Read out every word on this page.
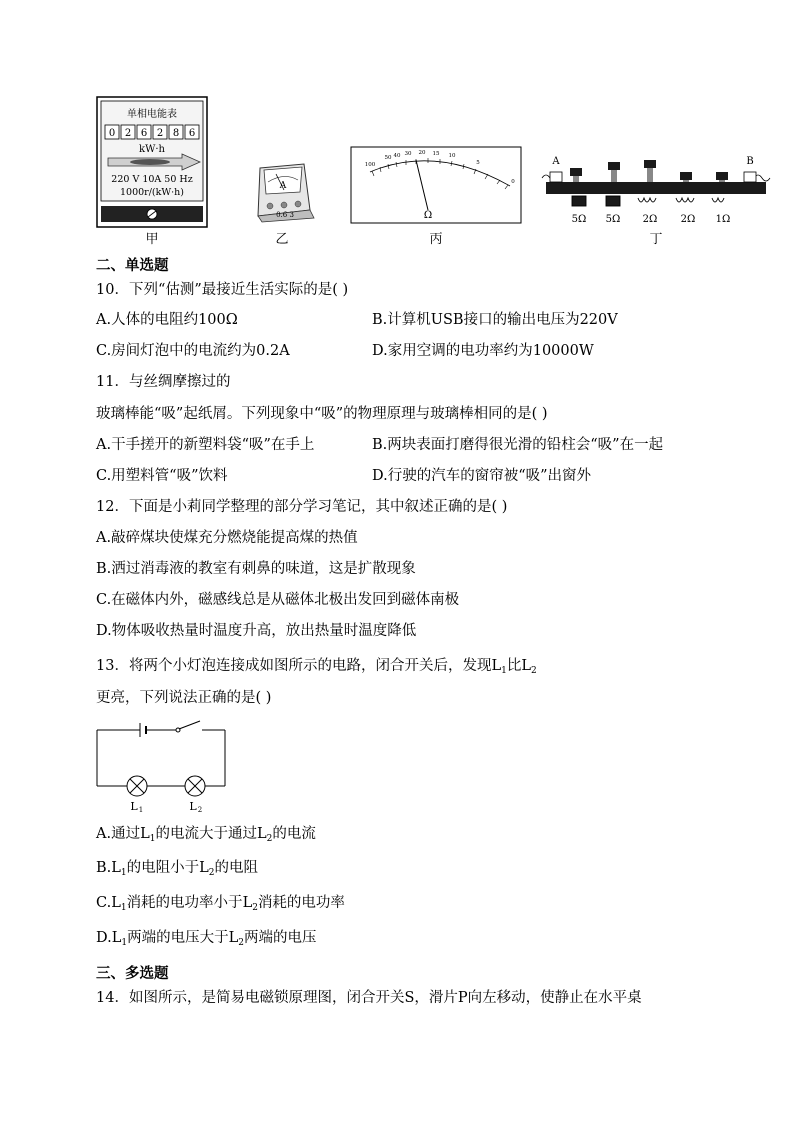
单相电能表
0 2 6 2 8 6
kW·h
220 V 10A 50 Hz
1000r/(kW·h)
甲
A
0.6 3
乙
100
50 40 30 20 15 10
5
0
Ω
丙
A	B
5Ω 5Ω 2Ω 2Ω 1Ω
丁
二、单选题
10．下列“估测”最接近生活实际的是( )
A.人体的电阻约100Ω	B.计算机USB接口的输出电压为220V
C.房间灯泡中的电流约为0.2A	D.家用空调的电功率约为10000W
11．与丝绸摩擦过的
玻璃棒能“吸”起纸屑。下列现象中“吸”的物理原理与玻璃棒相同的是( )
A.干手搓开的新塑料袋“吸”在手上	B.两块表面打磨得很光滑的铅柱会“吸”在一起
C.用塑料管“吸”饮料	D.行驶的汽车的窗帘被“吸”出窗外
12．下面是小莉同学整理的部分学习笔记，其中叙述正确的是( )
A.敲碎煤块使煤充分燃烧能提高煤的热值
B.洒过消毒液的教室有刺鼻的味道，这是扩散现象
C.在磁体内外，磁感线总是从磁体北极出发回到磁体南极
D.物体吸收热量时温度升高，放出热量时温度降低
13．将两个小灯泡连接成如图所示的电路，闭合开关后，发现$L_1$比$L_2$
更亮，下列说法正确的是( )
L 1	L 2
A.通过$L_1$的电流大于通过$L_2$的电流
$B.L_1$的电阻小于$L_2$的电阻
$C.L_1$消耗的电功率小于$L_2$消耗的电功率
$D.L_1$两端的电压大于$L_2$两端的电压
三、多选题
14．如图所示，是简易电磁锁原理图，闭合开关S，滑片P向左移动，使静止在水平桌
